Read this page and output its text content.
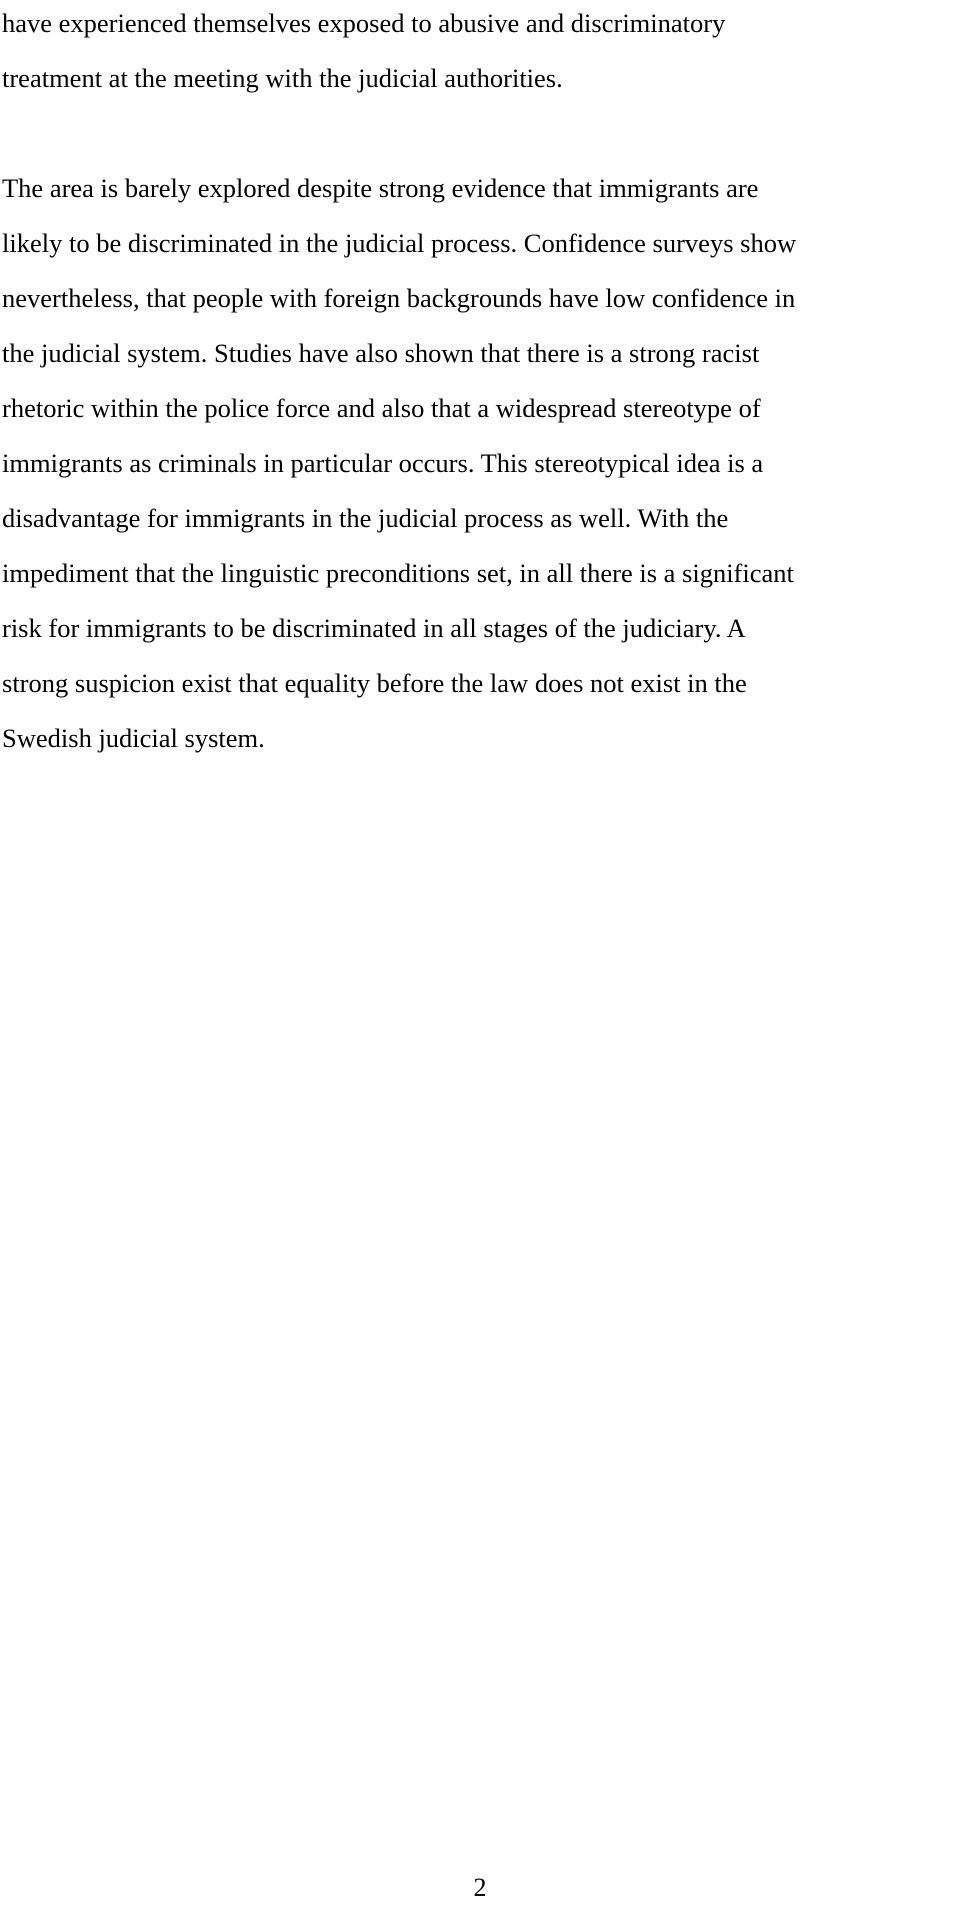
have experienced themselves exposed to abusive and discriminatory
treatment at the meeting with the judicial authorities.
The area is barely explored despite strong evidence that immigrants are
likely to be discriminated in the judicial process. Confidence surveys show
nevertheless, that people with foreign backgrounds have low confidence in
the judicial system. Studies have also shown that there is a strong racist
rhetoric within the police force and also that a widespread stereotype of
immigrants as criminals in particular occurs. This stereotypical idea is a
disadvantage for immigrants in the judicial process as well. With the
impediment that the linguistic preconditions set, in all there is a significant
risk for immigrants to be discriminated in all stages of the judiciary. A
strong suspicion exist that equality before the law does not exist in the
Swedish judicial system.
2
